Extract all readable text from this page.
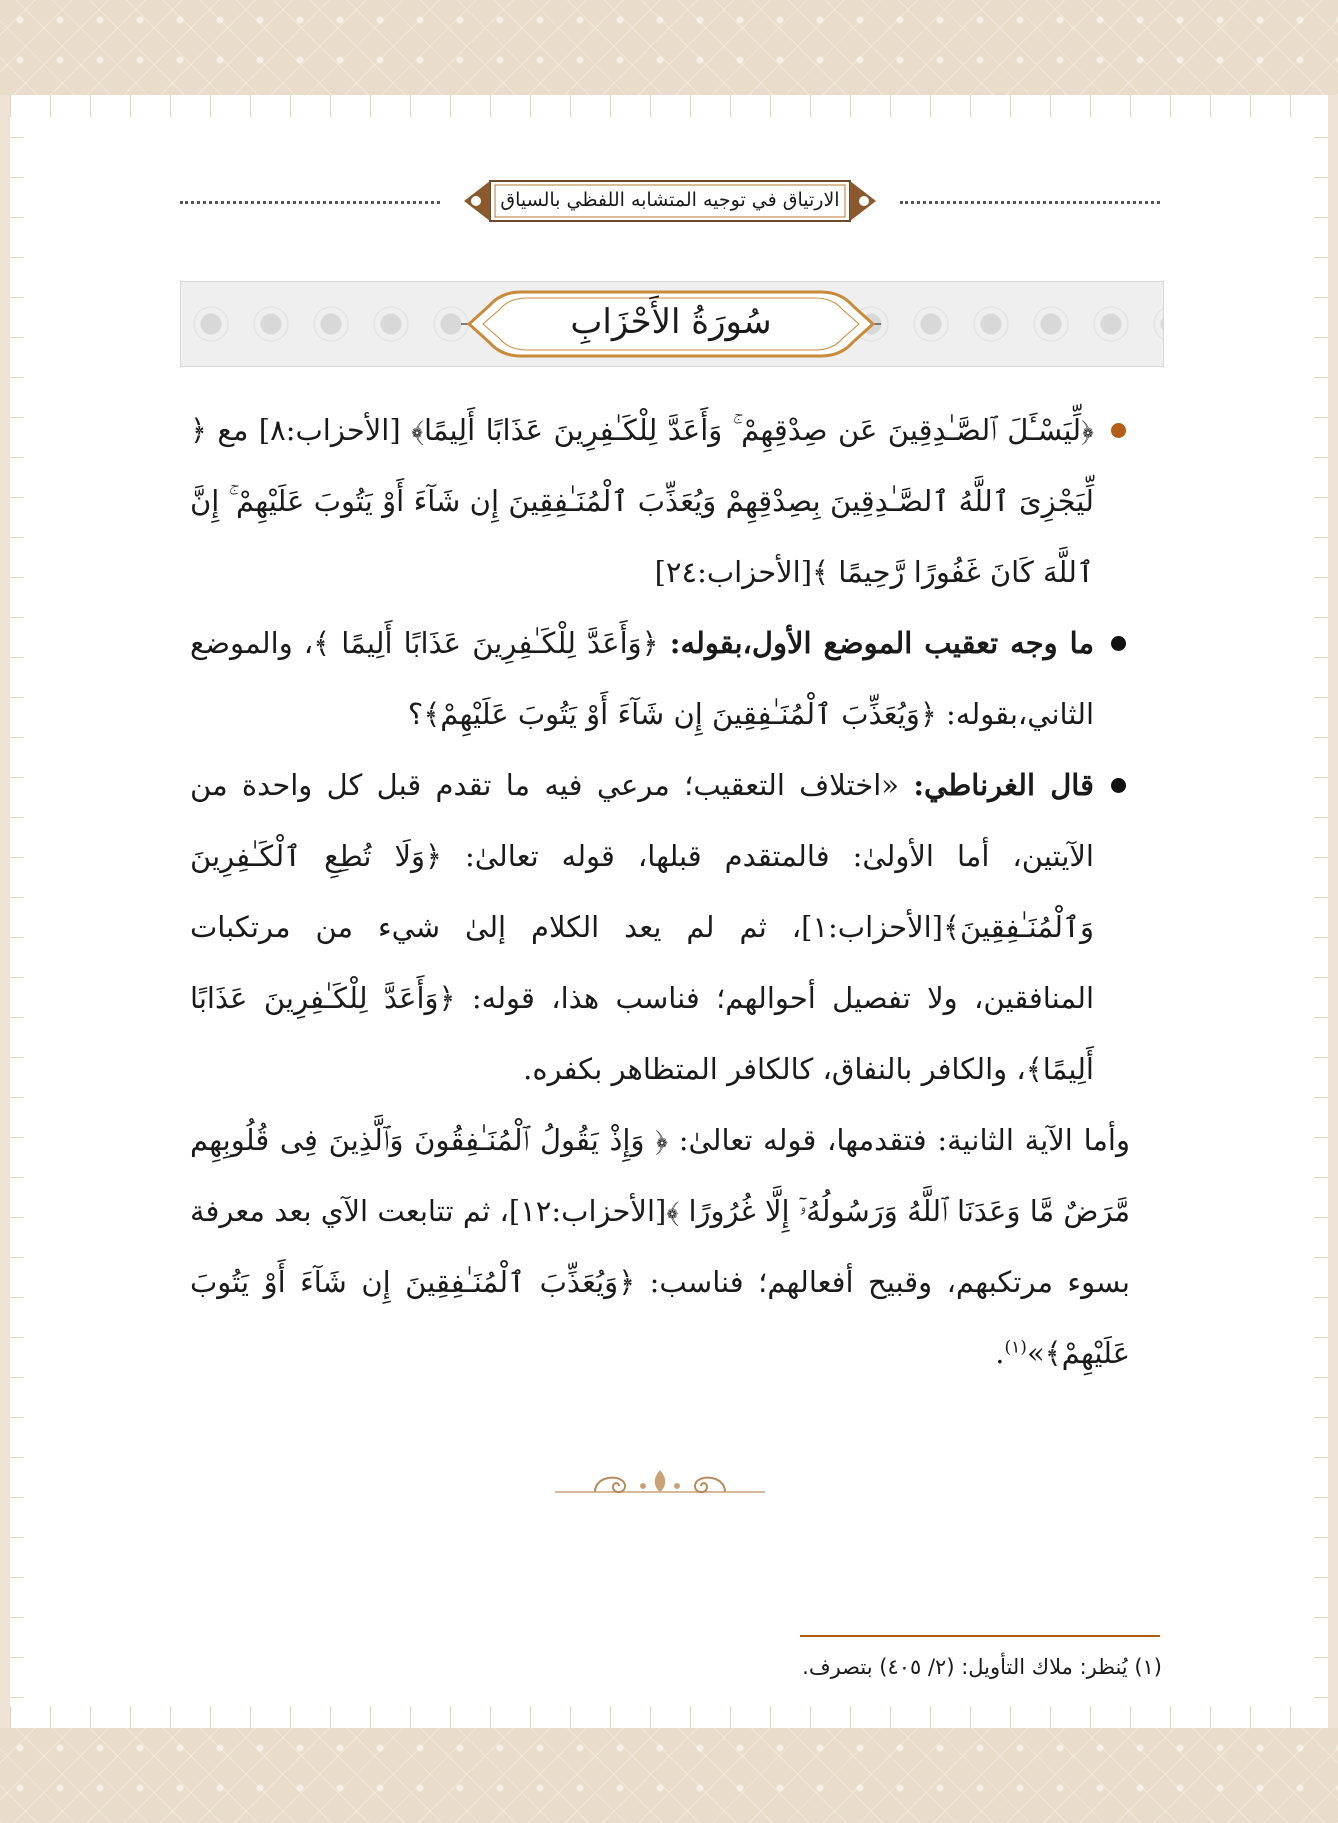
الارتياق في توجيه المتشابه اللفظي بالسياق
سُورَةُ الأَحْزَابِ

﴿لِّيَسْـَٔلَ ٱلصَّـٰدِقِينَ عَن صِدْقِهِمْ ۚ وَأَعَدَّ لِلْكَـٰفِرِينَ عَذَابًا أَلِيمًا﴾ [الأحزاب:٨] مع ﴿ لِّيَجْزِىَ ٱللَّهُ ٱلصَّـٰدِقِينَ بِصِدْقِهِمْ وَيُعَذِّبَ ٱلْمُنَـٰفِقِينَ إِن شَآءَ أَوْ يَتُوبَ عَلَيْهِمْ ۚ إِنَّ ٱللَّهَ كَانَ غَفُورًا رَّحِيمًا ﴾[الأحزاب:٢٤]

ما وجه تعقيب الموضع الأول،بقوله: ﴿وَأَعَدَّ لِلْكَـٰفِرِينَ عَذَابًا أَلِيمًا ﴾، والموضع الثاني،بقوله: ﴿وَيُعَذِّبَ ٱلْمُنَـٰفِقِينَ إِن شَآءَ أَوْ يَتُوبَ عَلَيْهِمْ﴾؟

قال الغرناطي: «اختلاف التعقيب؛ مرعي فيه ما تقدم قبل كل واحدة من الآيتين، أما الأولىٰ: فالمتقدم قبلها، قوله تعالىٰ: ﴿وَلَا تُطِعِ ٱلْكَـٰفِرِينَ وَٱلْمُنَـٰفِقِينَ﴾[الأحزاب:١]، ثم لم يعد الكلام إلىٰ شيء من مرتكبات المنافقين، ولا تفصيل أحوالهم؛ فناسب هذا، قوله: ﴿وَأَعَدَّ لِلْكَـٰفِرِينَ عَذَابًا أَلِيمًا﴾، والكافر بالنفاق، كالكافر المتظاهر بكفره.

وأما الآية الثانية: فتقدمها، قوله تعالىٰ: ﴿ وَإِذْ يَقُولُ ٱلْمُنَـٰفِقُونَ وَٱلَّذِينَ فِى قُلُوبِهِم مَّرَضٌ مَّا وَعَدَنَا ٱللَّهُ وَرَسُولُهُۥٓ إِلَّا غُرُورًا ﴾[الأحزاب:١٢]، ثم تتابعت الآي بعد معرفة بسوء مرتكبهم، وقبيح أفعالهم؛ فناسب: ﴿وَيُعَذِّبَ ٱلْمُنَـٰفِقِينَ إِن شَآءَ أَوْ يَتُوبَ عَلَيْهِمْ﴾»$^{(١)}$.

(١) يُنظر: ملاك التأويل: (٢/ ٤٠٥) بتصرف.
